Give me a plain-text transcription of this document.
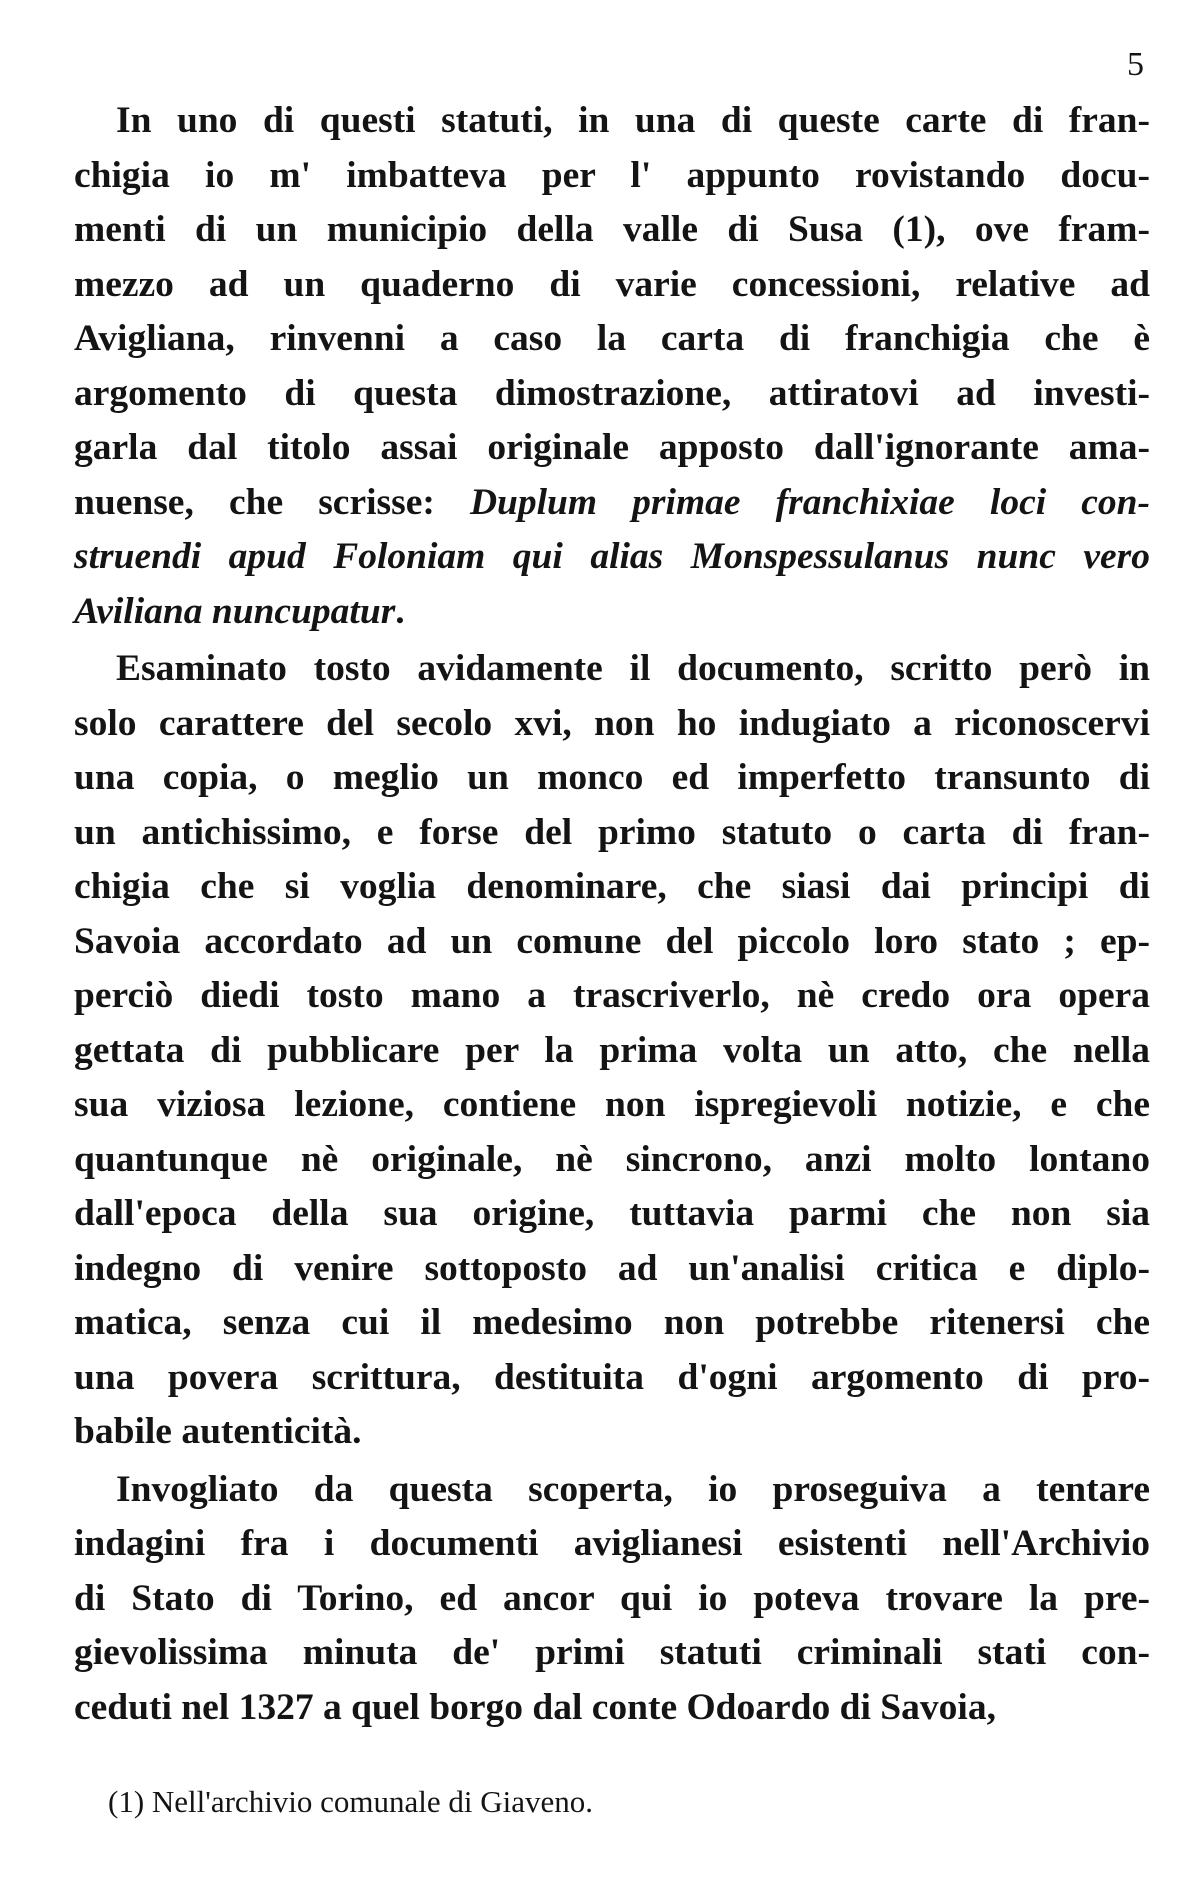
5

In uno di questi statuti, in una di queste carte di fran-
chigia io m' imbatteva per l' appunto rovistando docu-
menti di un municipio della valle di Susa (1), ove fram-
mezzo ad un quaderno di varie concessioni, relative ad
Avigliana, rinvenni a caso la carta di franchigia che è
argomento di questa dimostrazione, attiratovi ad investi-
garla dal titolo assai originale apposto dall'ignorante ama-
nuense, che scrisse: Duplum primae franchixiae loci con-
struendi apud Foloniam qui alias Monspessulanus nunc vero
Aviliana nuncupatur.

Esaminato tosto avidamente il documento, scritto però in
solo carattere del secolo xvi, non ho indugiato a riconoscervi
una copia, o meglio un monco ed imperfetto transunto di
un antichissimo, e forse del primo statuto o carta di fran-
chigia che si voglia denominare, che siasi dai principi di
Savoia accordato ad un comune del piccolo loro stato ; ep-
perciò diedi tosto mano a trascriverlo, nè credo ora opera
gettata di pubblicare per la prima volta un atto, che nella
sua viziosa lezione, contiene non ispregievoli notizie, e che
quantunque nè originale, nè sincrono, anzi molto lontano
dall'epoca della sua origine, tuttavia parmi che non sia
indegno di venire sottoposto ad un'analisi critica e diplo-
matica, senza cui il medesimo non potrebbe ritenersi che
una povera scrittura, destituita d'ogni argomento di pro-
babile autenticità.

Invogliato da questa scoperta, io proseguiva a tentare
indagini fra i documenti aviglianesi esistenti nell'Archivio
di Stato di Torino, ed ancor qui io poteva trovare la pre-
gievolissima minuta de' primi statuti criminali stati con-
ceduti nel 1327 a quel borgo dal conte Odoardo di Savoia,

(1) Nell'archivio comunale di Giaveno.
